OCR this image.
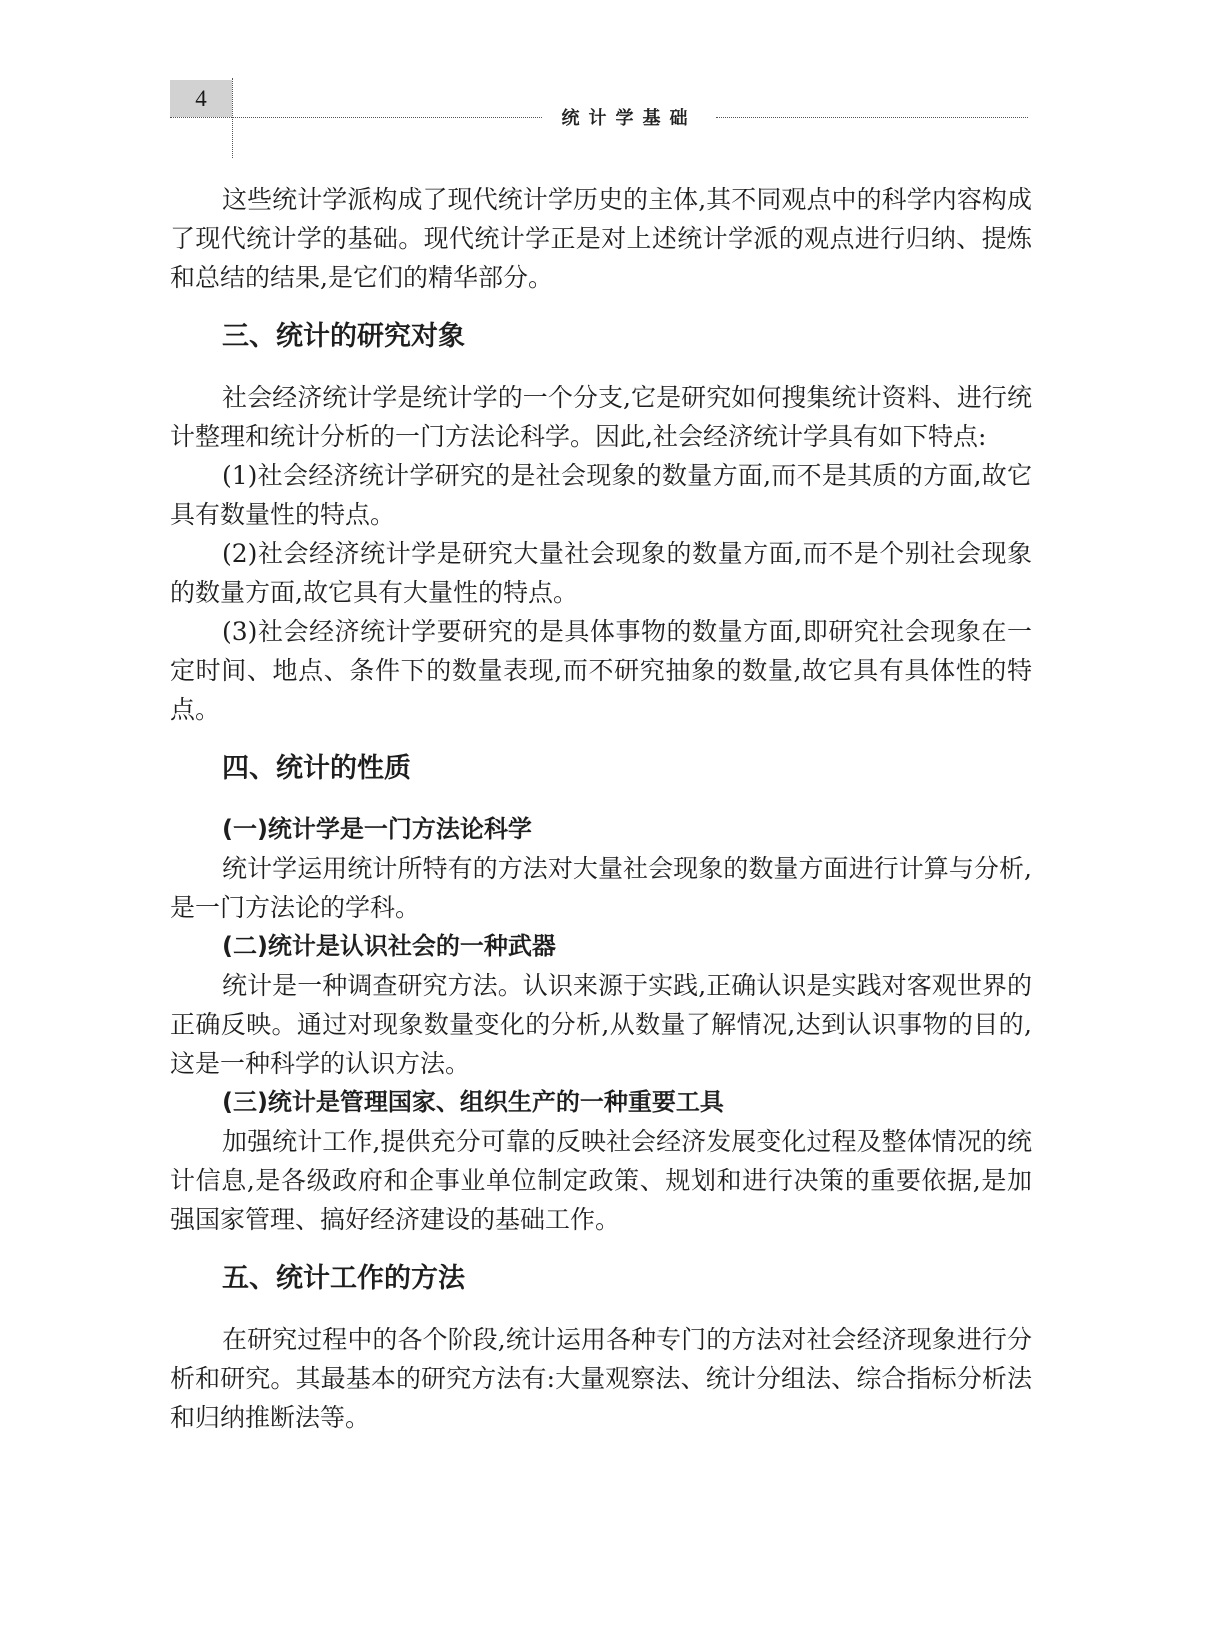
4
统计学基础

这些统计学派构成了现代统计学历史的主体,其不同观点中的科学内容构成了现代统计学的基础。现代统计学正是对上述统计学派的观点进行归纳、提炼和总结的结果,是它们的精华部分。

三、统计的研究对象

社会经济统计学是统计学的一个分支,它是研究如何搜集统计资料、进行统计整理和统计分析的一门方法论科学。因此,社会经济统计学具有如下特点:

(1)社会经济统计学研究的是社会现象的数量方面,而不是其质的方面,故它具有数量性的特点。

(2)社会经济统计学是研究大量社会现象的数量方面,而不是个别社会现象的数量方面,故它具有大量性的特点。

(3)社会经济统计学要研究的是具体事物的数量方面,即研究社会现象在一定时间、地点、条件下的数量表现,而不研究抽象的数量,故它具有具体性的特点。

四、统计的性质
(一)统计学是一门方法论科学

统计学运用统计所特有的方法对大量社会现象的数量方面进行计算与分析,是一门方法论的学科。

(二)统计是认识社会的一种武器

统计是一种调查研究方法。认识来源于实践,正确认识是实践对客观世界的正确反映。通过对现象数量变化的分析,从数量了解情况,达到认识事物的目的,这是一种科学的认识方法。

(三)统计是管理国家、组织生产的一种重要工具

加强统计工作,提供充分可靠的反映社会经济发展变化过程及整体情况的统计信息,是各级政府和企事业单位制定政策、规划和进行决策的重要依据,是加强国家管理、搞好经济建设的基础工作。

五、统计工作的方法

在研究过程中的各个阶段,统计运用各种专门的方法对社会经济现象进行分析和研究。其最基本的研究方法有:大量观察法、统计分组法、综合指标分析法和归纳推断法等。
